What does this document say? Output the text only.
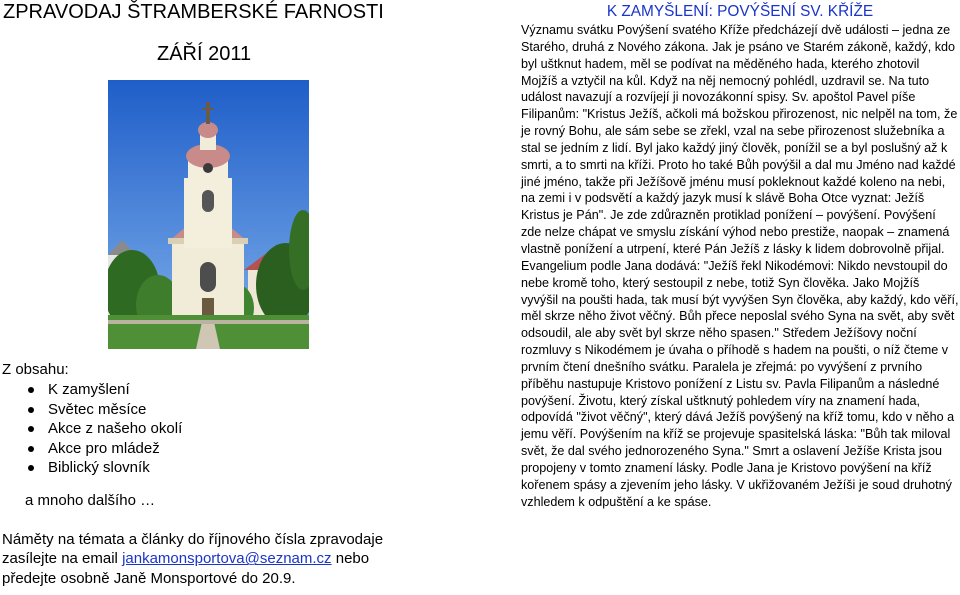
ZPRAVODAJ ŠTRAMBERSKÉ FARNOSTI
ZÁŘÍ 2011
Z obsahu:
K zamyšlení
Světec měsíce
Akce z našeho okolí
Akce pro mládež
Biblický slovník
a mnoho dalšího …
Náměty na témata a články do říjnového čísla zpravodaje zasílejte na email jankamonsportova@seznam.cz nebo předejte osobně Janě Monsportové do 20.9.
K ZAMYŠLENÍ: POVÝŠENÍ SV. KŘÍŽE

Významu svátku Povýšení svatého Kříže předcházejí dvě události – jedna ze Starého, druhá z Nového zákona. Jak je psáno ve Starém zákoně, každý, kdo byl uštknut hadem, měl se podívat na měděného hada, kterého zhotovil Mojžíš a vztyčil na kůl. Když na něj nemocný pohlédl, uzdravil se. Na tuto událost navazují a rozvíjejí ji novozákonní spisy. Sv. apoštol Pavel píše Filipanům: "Kristus Ježíš, ačkoli má božskou přirozenost, nic nelpěl na tom, že je rovný Bohu, ale sám sebe se zřekl, vzal na sebe přirozenost služebníka a stal se jedním z lidí. Byl jako každý jiný člověk, ponížil se a byl poslušný až k smrti, a to smrti na kříži. Proto ho také Bůh povýšil a dal mu Jméno nad každé jiné jméno, takže při Ježíšově jménu musí pokleknout každé koleno na nebi, na zemi i v podsvětí a každý jazyk musí k slávě Boha Otce vyznat: Ježíš Kristus je Pán". Je zde zdůrazněn protiklad ponížení – povýšení. Povýšení zde nelze chápat ve smyslu získání výhod nebo prestiže, naopak – znamená vlastně ponížení a utrpení, které Pán Ježíš z lásky k lidem dobrovolně přijal. Evangelium podle Jana dodává: "Ježíš řekl Nikodémovi: Nikdo nevstoupil do nebe kromě toho, který sestoupil z nebe, totiž Syn člověka. Jako Mojžíš vyvýšil na poušti hada, tak musí být vyvýšen Syn člověka, aby každý, kdo věří, měl skrze něho život věčný. Bůh přece neposlal svého Syna na svět, aby svět odsoudil, ale aby svět byl skrze něho spasen." Středem Ježíšovy noční rozmluvy s Nikodémem je úvaha o příhodě s hadem na poušti, o níž čteme v prvním čtení dnešního svátku. Paralela je zřejmá: po vyvýšení z prvního příběhu nastupuje Kristovo ponížení z Listu sv. Pavla Filipanům a následné povýšení. Životu, který získal uštknutý pohledem víry na znamení hada, odpovídá "život věčný", který dává Ježíš povýšený na kříž tomu, kdo v něho a jemu věří. Povýšením na kříž se projevuje spasitelská láska: "Bůh tak miloval svět, že dal svého jednorozeného Syna." Smrt a oslavení Ježíše Krista jsou propojeny v tomto znamení lásky. Podle Jana je Kristovo povýšení na kříž kořenem spásy a zjevením jeho lásky. V ukřižovaném Ježíši je soud druhotný vzhledem k odpuštění a ke spáse.
